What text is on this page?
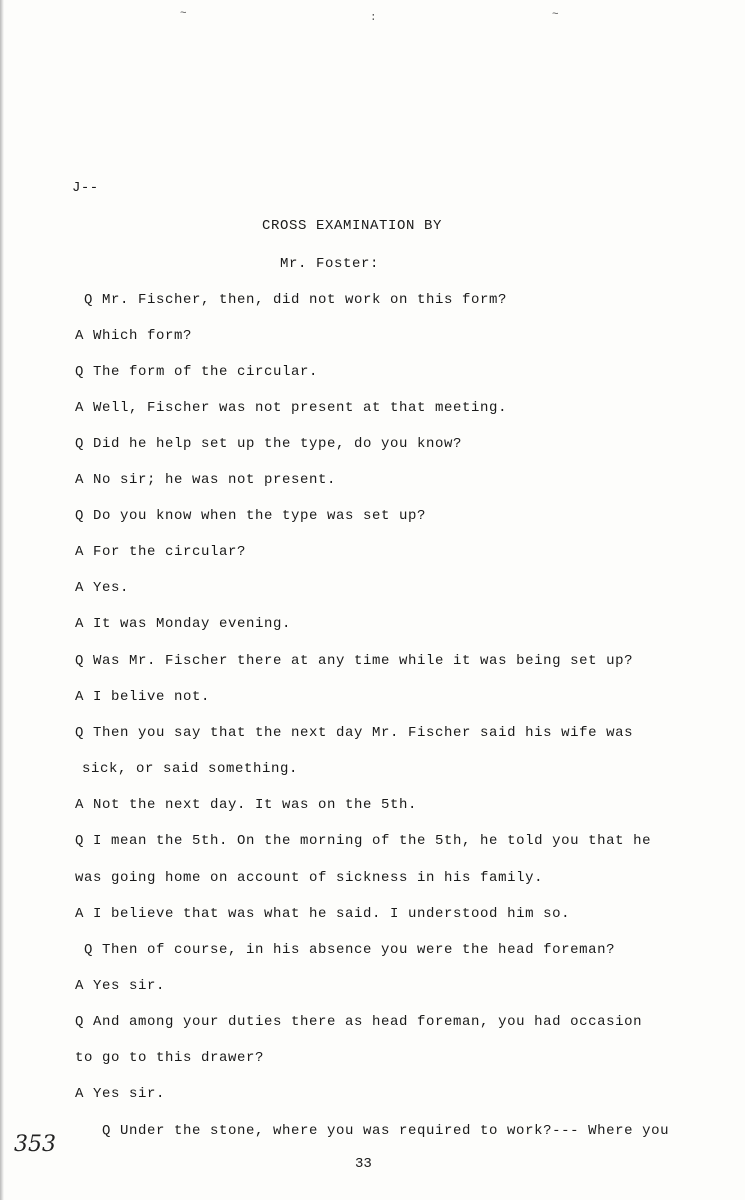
~	:	~
J--
CROSS EXAMINATION BY
Mr. Foster:
Q Mr. Fischer, then, did not work on this form?
A Which form?
Q The form of the circular.
A Well, Fischer was not present at that meeting.
Q Did he help set up the type, do you know?
A No sir; he was not present.
Q Do you know when the type was set up?
A For the circular?
A Yes.
A It was Monday evening.
Q Was Mr. Fischer there at any time while it was being set up?
A I belive not.
Q Then you say that the next day Mr. Fischer said his wife was
sick, or said something.
A Not the next day. It was on the 5th.
Q I mean the 5th. On the morning of the 5th, he told you that he
was going home on account of sickness in his family.
A I believe that was what he said. I understood him so.
Q Then of course, in his absence you were the head foreman?
A Yes sir.
Q And among your duties there as head foreman, you had occasion
to go to this drawer?
A Yes sir.
Q Under the stone, where you was required to work?--- Where you
353
33
